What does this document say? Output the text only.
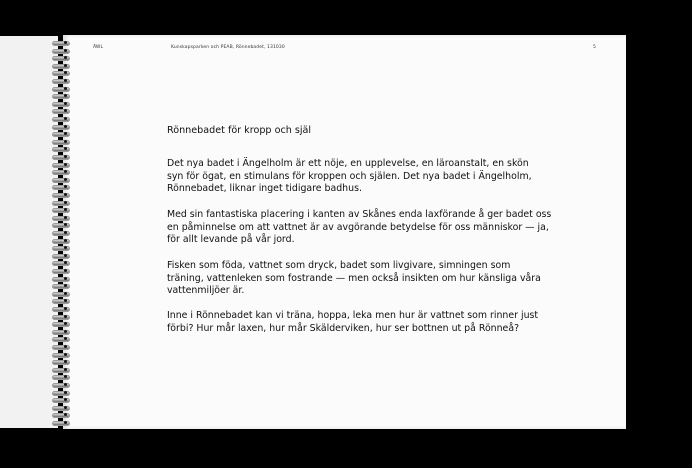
ÄWL	Kunskapsparken och PEAB, Rönnebadet, 131030	5
Rönnebadet för kropp och själ
Det nya badet i Ängelholm är ett nöje, en upplevelse, en läroanstalt, en skön
syn för ögat, en stimulans för kroppen och själen. Det nya badet i Ängelholm,
Rönnebadet, liknar inget tidigare badhus.
Med sin fantastiska placering i kanten av Skånes enda laxförande å ger badet oss
en påminnelse om att vattnet är av avgörande betydelse för oss människor — ja,
för allt levande på vår jord.
Fisken som föda, vattnet som dryck, badet som livgivare, simningen som
träning, vattenleken som fostrande — men också insikten om hur känsliga våra
vattenmiljöer är.
Inne i Rönnebadet kan vi träna, hoppa, leka men hur är vattnet som rinner just
förbi? Hur mår laxen, hur mår Skälderviken, hur ser bottnen ut på Rönneå?
